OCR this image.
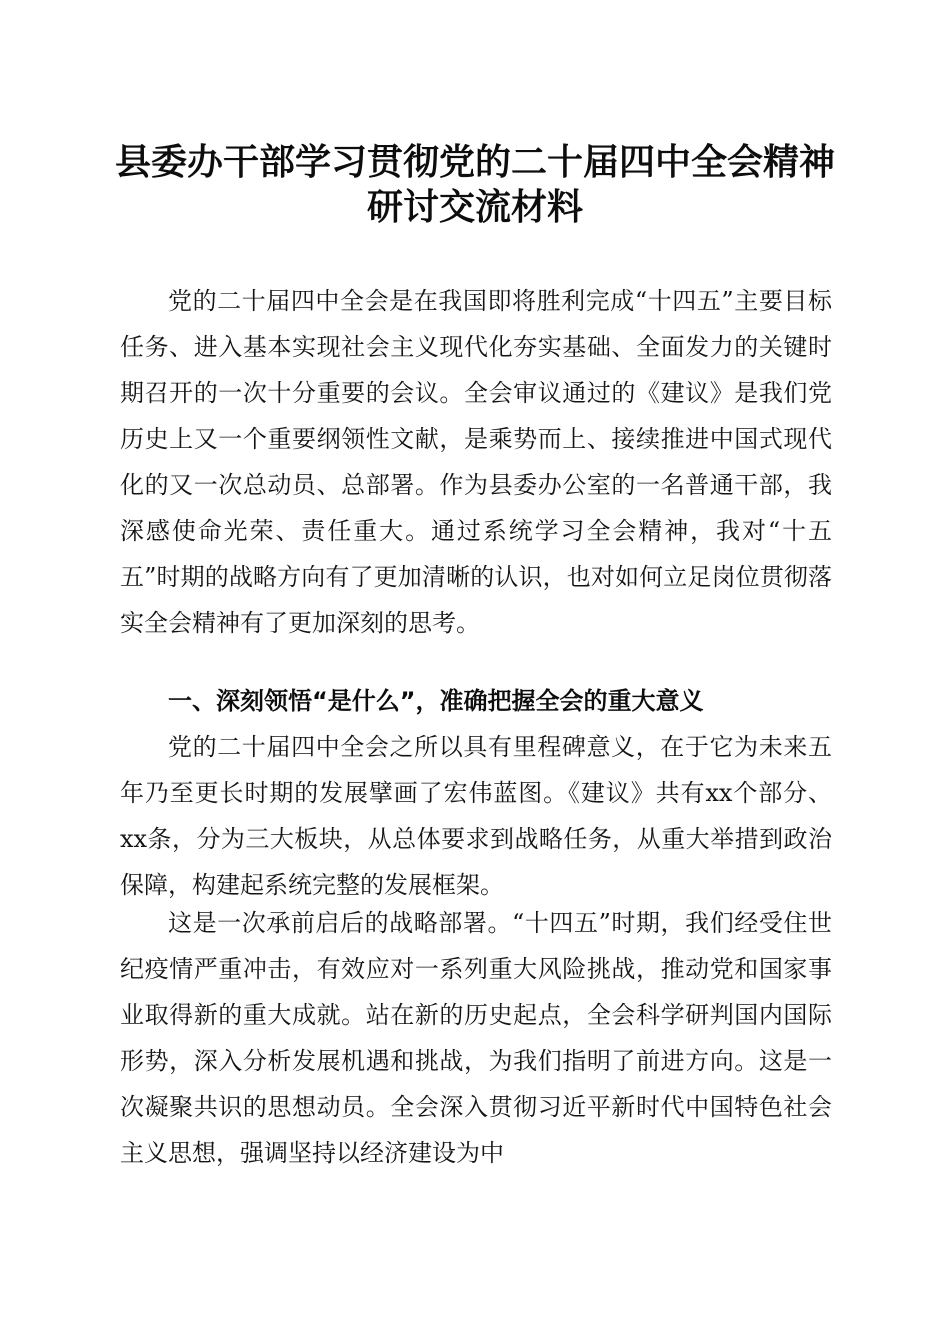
县委办干部学习贯彻党的二十届四中全会精神
研讨交流材料

党的二十届四中全会是在我国即将胜利完成“十四五”主要目标任务、进入基本实现社会主义现代化夯实基础、全面发力的关键时期召开的一次十分重要的会议。全会审议通过的《建议》是我们党历史上又一个重要纲领性文献，是乘势而上、接续推进中国式现代化的又一次总动员、总部署。作为县委办公室的一名普通干部，我深感使命光荣、责任重大。通过系统学习全会精神，我对“十五五”时期的战略方向有了更加清晰的认识，也对如何立足岗位贯彻落实全会精神有了更加深刻的思考。

一、深刻领悟“是什么”，准确把握全会的重大意义

党的二十届四中全会之所以具有里程碑意义，在于它为未来五年乃至更长时期的发展擘画了宏伟蓝图。《建议》共有xx个部分、xx条，分为三大板块，从总体要求到战略任务，从重大举措到政治保障，构建起系统完整的发展框架。

这是一次承前启后的战略部署。“十四五”时期，我们经受住世纪疫情严重冲击，有效应对一系列重大风险挑战，推动党和国家事业取得新的重大成就。站在新的历史起点，全会科学研判国内国际形势，深入分析发展机遇和挑战，为我们指明了前进方向。这是一次凝聚共识的思想动员。全会深入贯彻习近平新时代中国特色社会主义思想，强调坚持以经济建设为中
